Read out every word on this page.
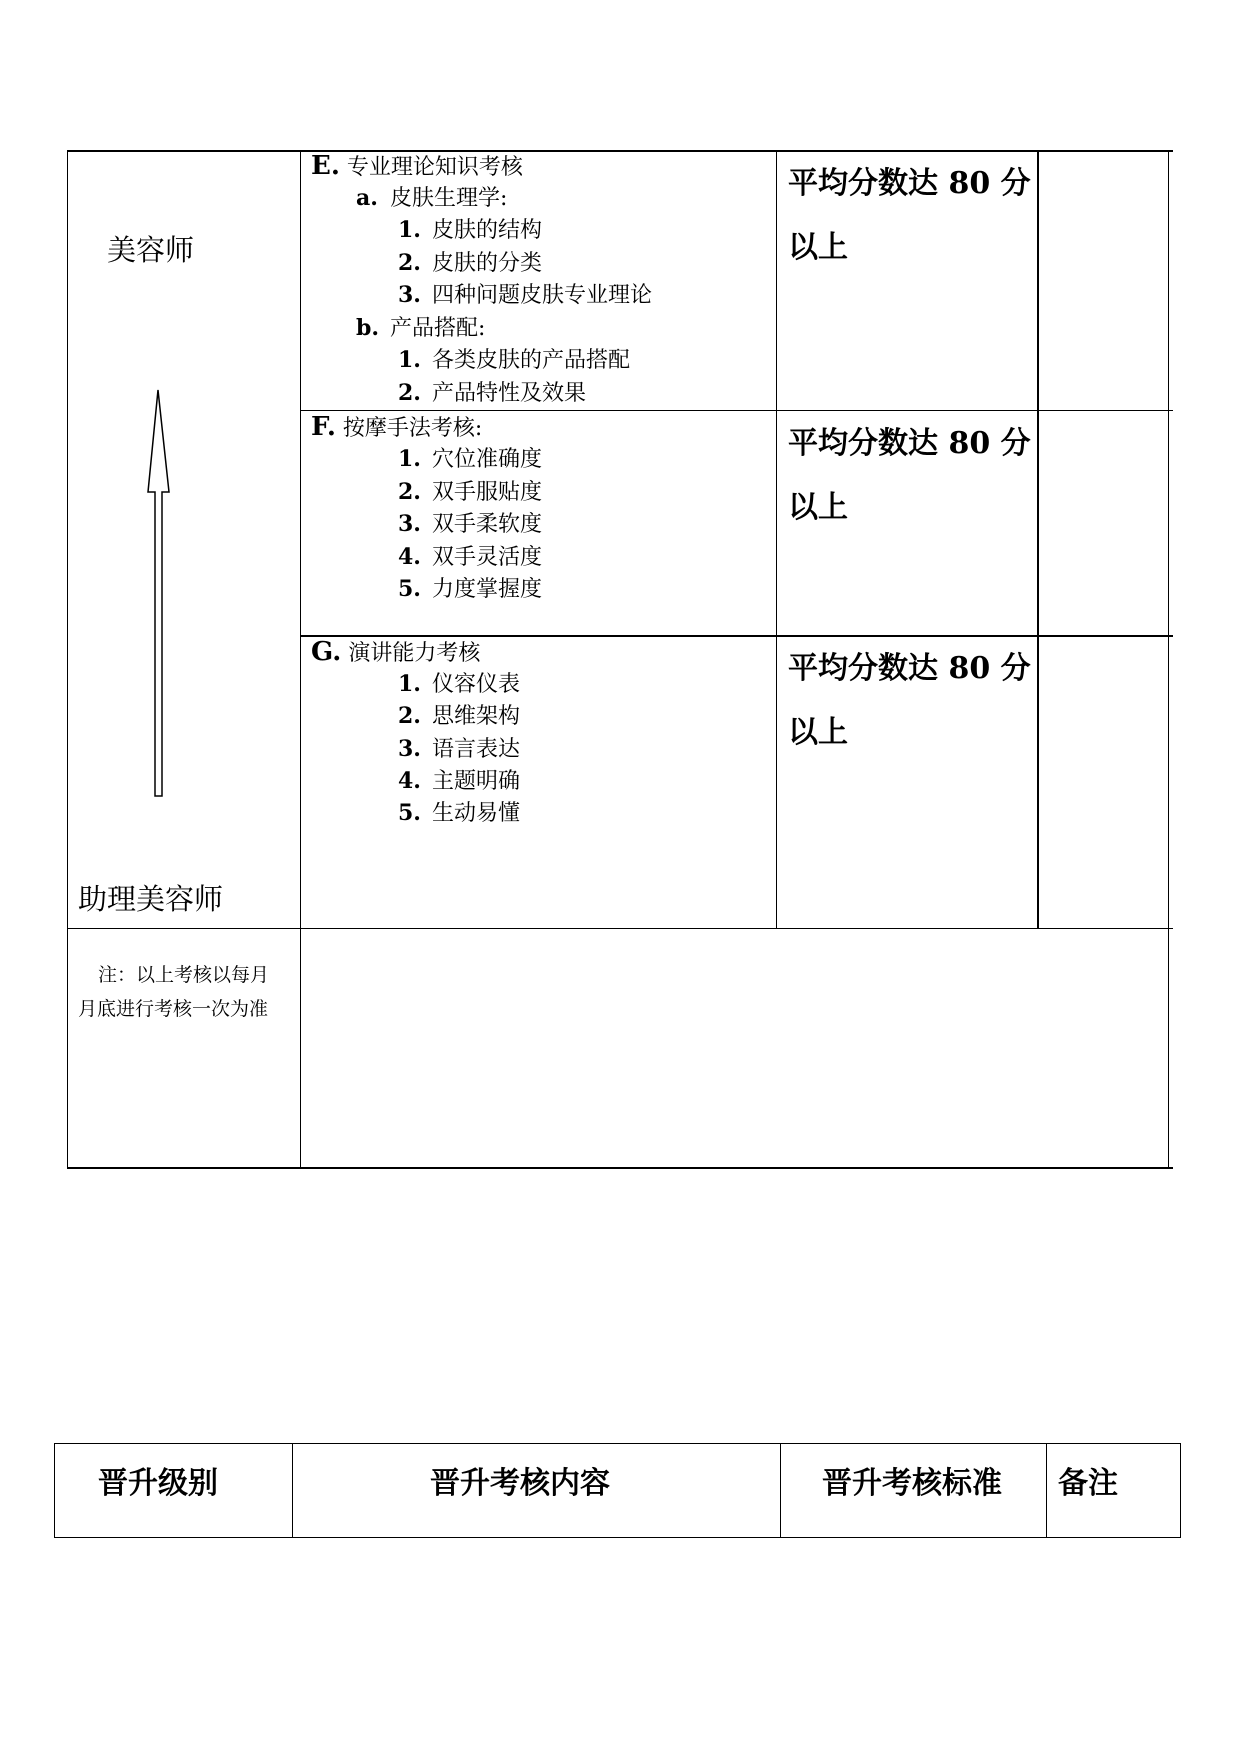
美容师
助理美容师
E. 专业理论知识考核
a. 皮肤生理学:
1. 皮肤的结构
2. 皮肤的分类
3. 四种问题皮肤专业理论
b. 产品搭配:
1. 各类皮肤的产品搭配
2. 产品特性及效果
平均分数达 80 分
以上
F. 按摩手法考核:
1. 穴位准确度
2. 双手服贴度
3. 双手柔软度
4. 双手灵活度
5. 力度掌握度
平均分数达 80 分
以上
G. 演讲能力考核
1. 仪容仪表
2. 思维架构
3. 语言表达
4. 主题明确
5. 生动易懂
平均分数达 80 分
以上
注：以上考核以每月
月底进行考核一次为准
晋升级别	晋升考核内容	晋升考核标准 备注
